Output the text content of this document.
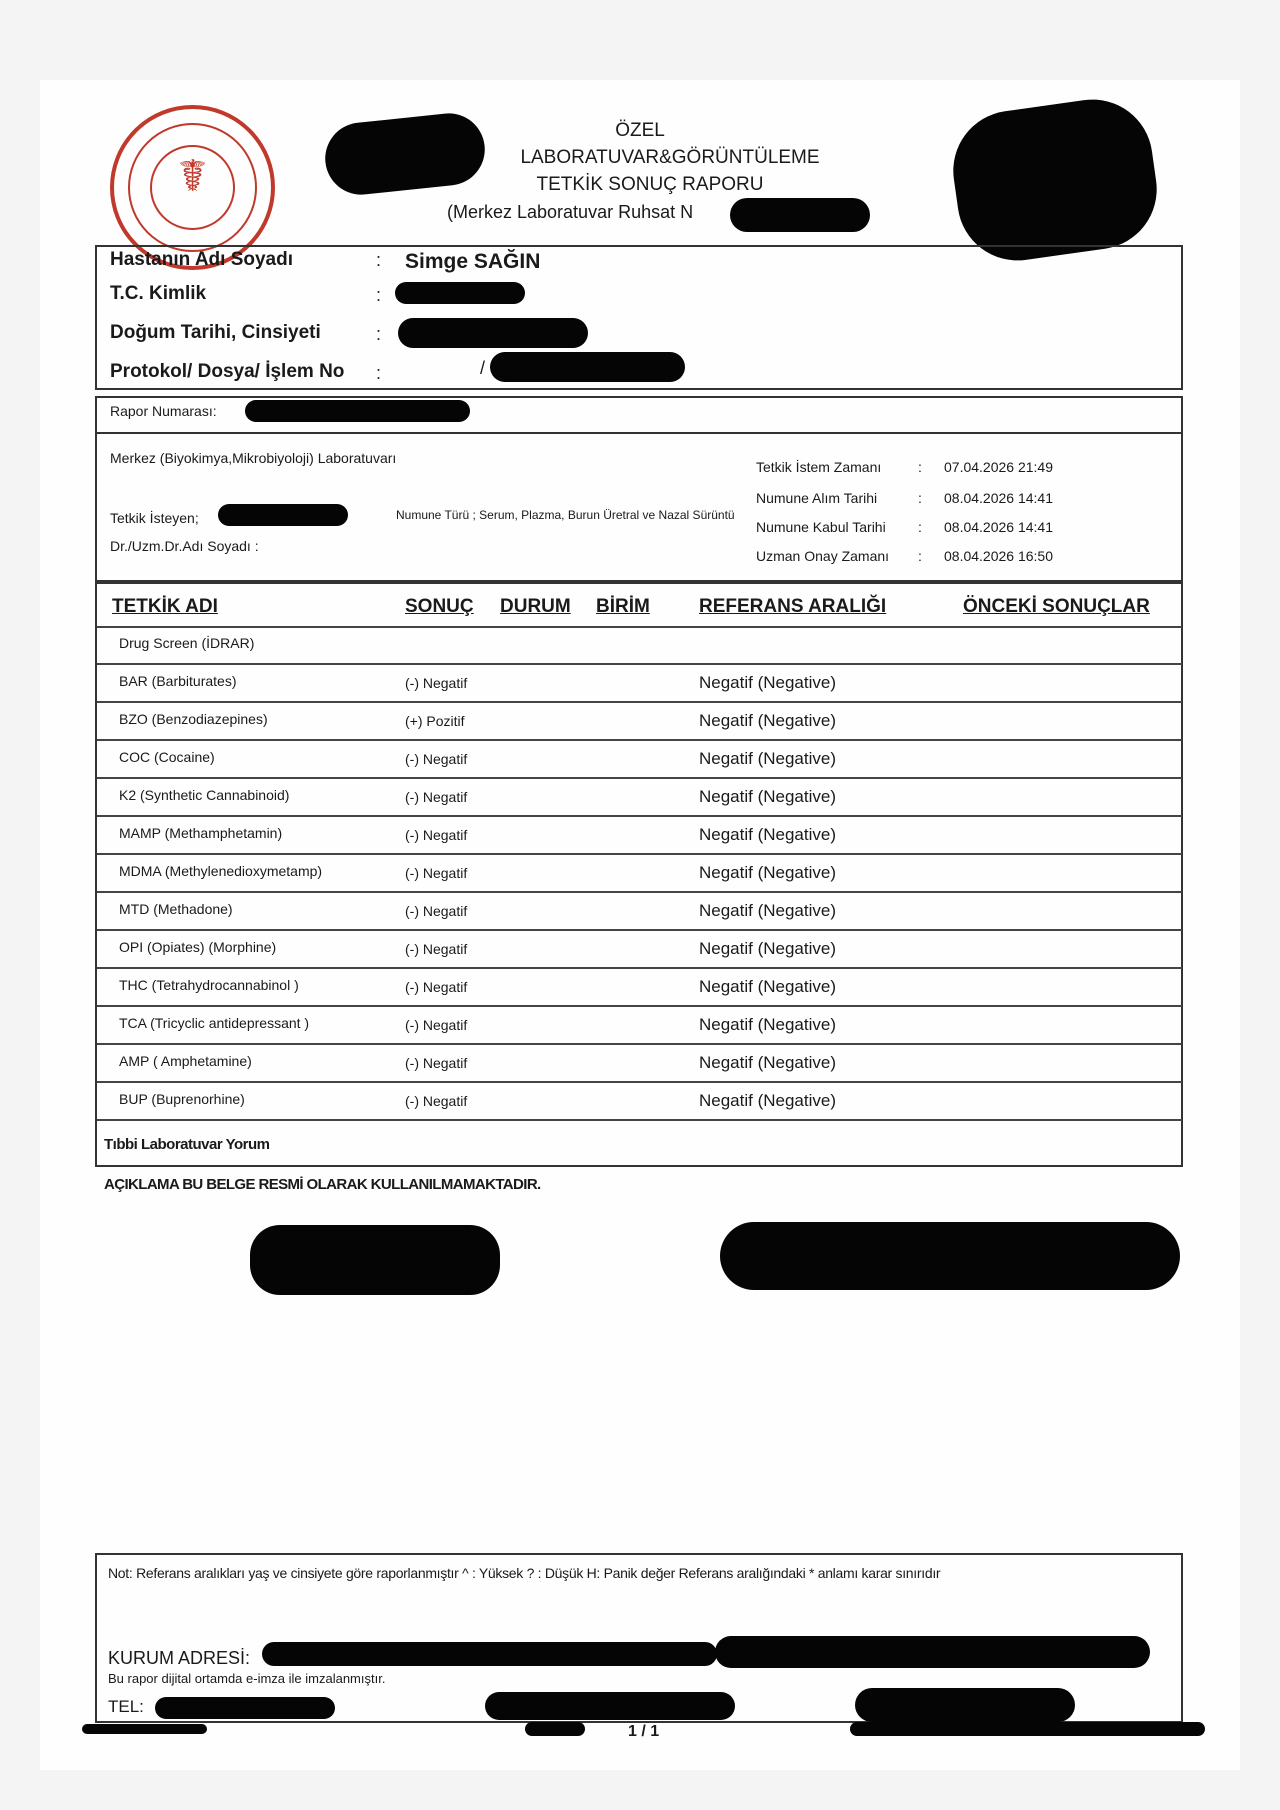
☤
ÖZEL
LABORATUVAR&GÖRÜNTÜLEME
TETKİK SONUÇ RAPORU
(Merkez Laboratuvar Ruhsat N
Hastanın Adı Soyadı	: Simge SAĞIN
T.C. Kimlik	:
Doğum Tarihi, Cinsiyeti	:
Protokol/ Dosya/ İşlem No :	/
Rapor Numarası:
Merkez (Biyokimya,Mikrobiyoloji) Laboratuvarı
Tetkik İsteyen;
Dr./Uzm.Dr.Adı Soyadı :
Numune Türü ; Serum, Plazma, Burun Üretral ve Nazal Sürüntü
Tetkik İstem Zamanı	: 07.04.2026 21:49
Numune Alım Tarihi	: 08.04.2026 14:41
Numune Kabul Tarihi : 08.04.2026 14:41
Uzman Onay Zamanı : 08.04.2026 16:50
TETKİK ADI	SONUÇ DURUM BİRİM	REFERANS ARALIĞI	ÖNCEKİ SONUÇLAR
Drug Screen (İDRAR)
BAR (Barbiturates)	(-) Negatif	Negatif (Negative)
BZO (Benzodiazepines)	(+) Pozitif	Negatif (Negative)
COC (Cocaine)	(-) Negatif	Negatif (Negative)
K2 (Synthetic Cannabinoid)	(-) Negatif	Negatif (Negative)
MAMP (Methamphetamin)	(-) Negatif	Negatif (Negative)
MDMA (Methylenedioxymetamp)	(-) Negatif	Negatif (Negative)
MTD (Methadone)	(-) Negatif	Negatif (Negative)
OPI (Opiates) (Morphine)	(-) Negatif	Negatif (Negative)
THC (Tetrahydrocannabinol )	(-) Negatif	Negatif (Negative)
TCA (Tricyclic antidepressant )	(-) Negatif	Negatif (Negative)
AMP ( Amphetamine)	(-) Negatif	Negatif (Negative)
BUP (Buprenorhine)	(-) Negatif	Negatif (Negative)
Tıbbi Laboratuvar Yorum
AÇIKLAMA BU BELGE RESMİ OLARAK KULLANILMAMAKTADIR.
Not: Referans aralıkları yaş ve cinsiyete göre raporlanmıştır ^ : Yüksek ? : Düşük H: Panik değer Referans aralığındaki * anlamı karar sınırıdır
KURUM ADRESİ:
Bu rapor dijital ortamda e-imza ile imzalanmıştır.
TEL:
1 / 1
